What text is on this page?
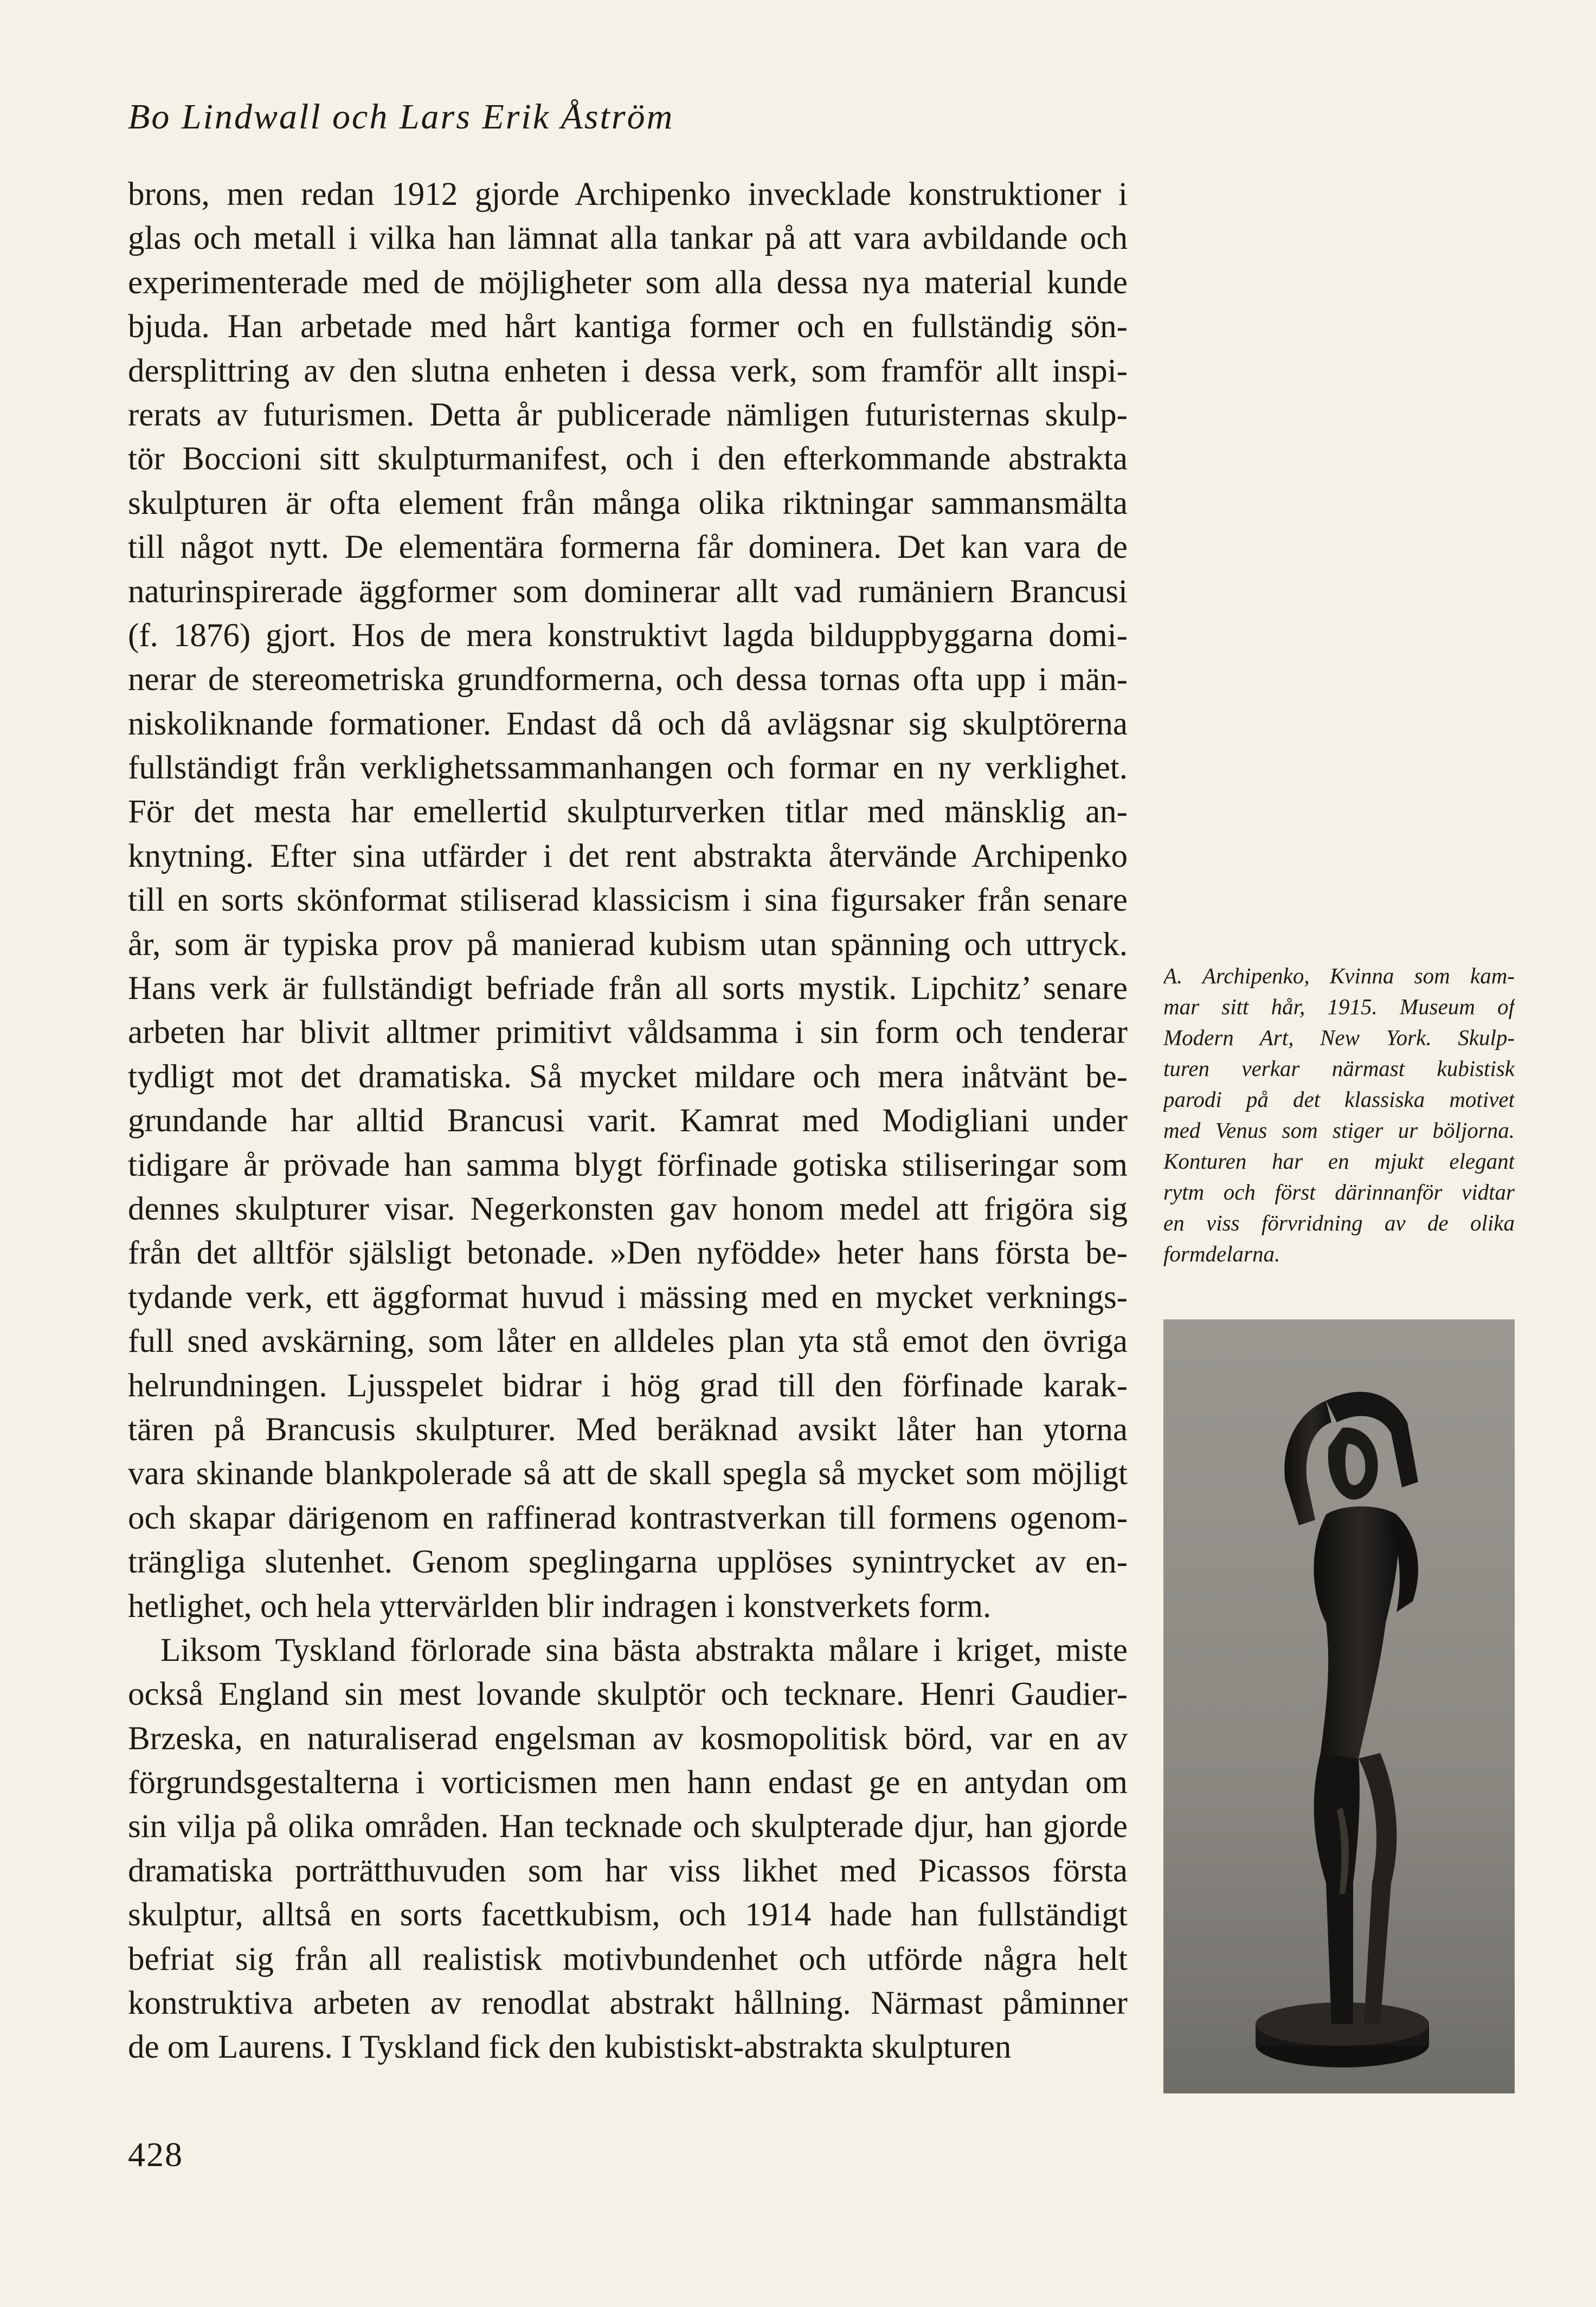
Bo Lindwall och Lars Erik Åström
brons, men redan 1912 gjorde Archipenko invecklade konstruktioner i
glas och metall i vilka han lämnat alla tankar på att vara avbildande och
experimenterade med de möjligheter som alla dessa nya material kunde
bjuda. Han arbetade med hårt kantiga former och en fullständig sön-
dersplittring av den slutna enheten i dessa verk, som framför allt inspi-
rerats av futurismen. Detta år publicerade nämligen futuristernas skulp-
tör Boccioni sitt skulpturmanifest, och i den efterkommande abstrakta
skulpturen är ofta element från många olika riktningar sammansmälta
till något nytt. De elementära formerna får dominera. Det kan vara de
naturinspirerade äggformer som dominerar allt vad rumäniern Brancusi
(f. 1876) gjort. Hos de mera konstruktivt lagda bilduppbyggarna domi-
nerar de stereometriska grundformerna, och dessa tornas ofta upp i män-
niskoliknande formationer. Endast då och då avlägsnar sig skulptörerna
fullständigt från verklighetssammanhangen och formar en ny verklighet.
För det mesta har emellertid skulpturverken titlar med mänsklig an-
knytning. Efter sina utfärder i det rent abstrakta återvände Archipenko
till en sorts skönformat stiliserad klassicism i sina figursaker från senare
år, som är typiska prov på manierad kubism utan spänning och uttryck.
Hans verk är fullständigt befriade från all sorts mystik. Lipchitz’ senare
arbeten har blivit alltmer primitivt våldsamma i sin form och tenderar
tydligt mot det dramatiska. Så mycket mildare och mera inåtvänt be-
grundande har alltid Brancusi varit. Kamrat med Modigliani under
tidigare år prövade han samma blygt förfinade gotiska stiliseringar som
dennes skulpturer visar. Negerkonsten gav honom medel att frigöra sig
från det alltför själsligt betonade. »Den nyfödde» heter hans första be-
tydande verk, ett äggformat huvud i mässing med en mycket verknings-
full sned avskärning, som låter en alldeles plan yta stå emot den övriga
helrundningen. Ljusspelet bidrar i hög grad till den förfinade karak-
tären på Brancusis skulpturer. Med beräknad avsikt låter han ytorna
vara skinande blankpolerade så att de skall spegla så mycket som möjligt
och skapar därigenom en raffinerad kontrastverkan till formens ogenom-
trängliga slutenhet. Genom speglingarna upplöses synintrycket av en-
hetlighet, och hela yttervärlden blir indragen i konstverkets form.
Liksom Tyskland förlorade sina bästa abstrakta målare i kriget, miste
också England sin mest lovande skulptör och tecknare. Henri Gaudier-
Brzeska, en naturaliserad engelsman av kosmopolitisk börd, var en av
förgrundsgestalterna i vorticismen men hann endast ge en antydan om
sin vilja på olika områden. Han tecknade och skulpterade djur, han gjorde
dramatiska porträtthuvuden som har viss likhet med Picassos första
skulptur, alltså en sorts facettkubism, och 1914 hade han fullständigt
befriat sig från all realistisk motivbundenhet och utförde några helt
konstruktiva arbeten av renodlat abstrakt hållning. Närmast påminner
de om Laurens. I Tyskland fick den kubistiskt-abstrakta skulpturen
A. Archipenko, Kvinna som kam-
mar sitt hår, 1915. Museum of
Modern Art, New York. Skulp-
turen verkar närmast kubistisk
parodi på det klassiska motivet
med Venus som stiger ur böljorna.
Konturen har en mjukt elegant
rytm och först därinnanför vidtar
en viss förvridning av de olika
formdelarna.
428
